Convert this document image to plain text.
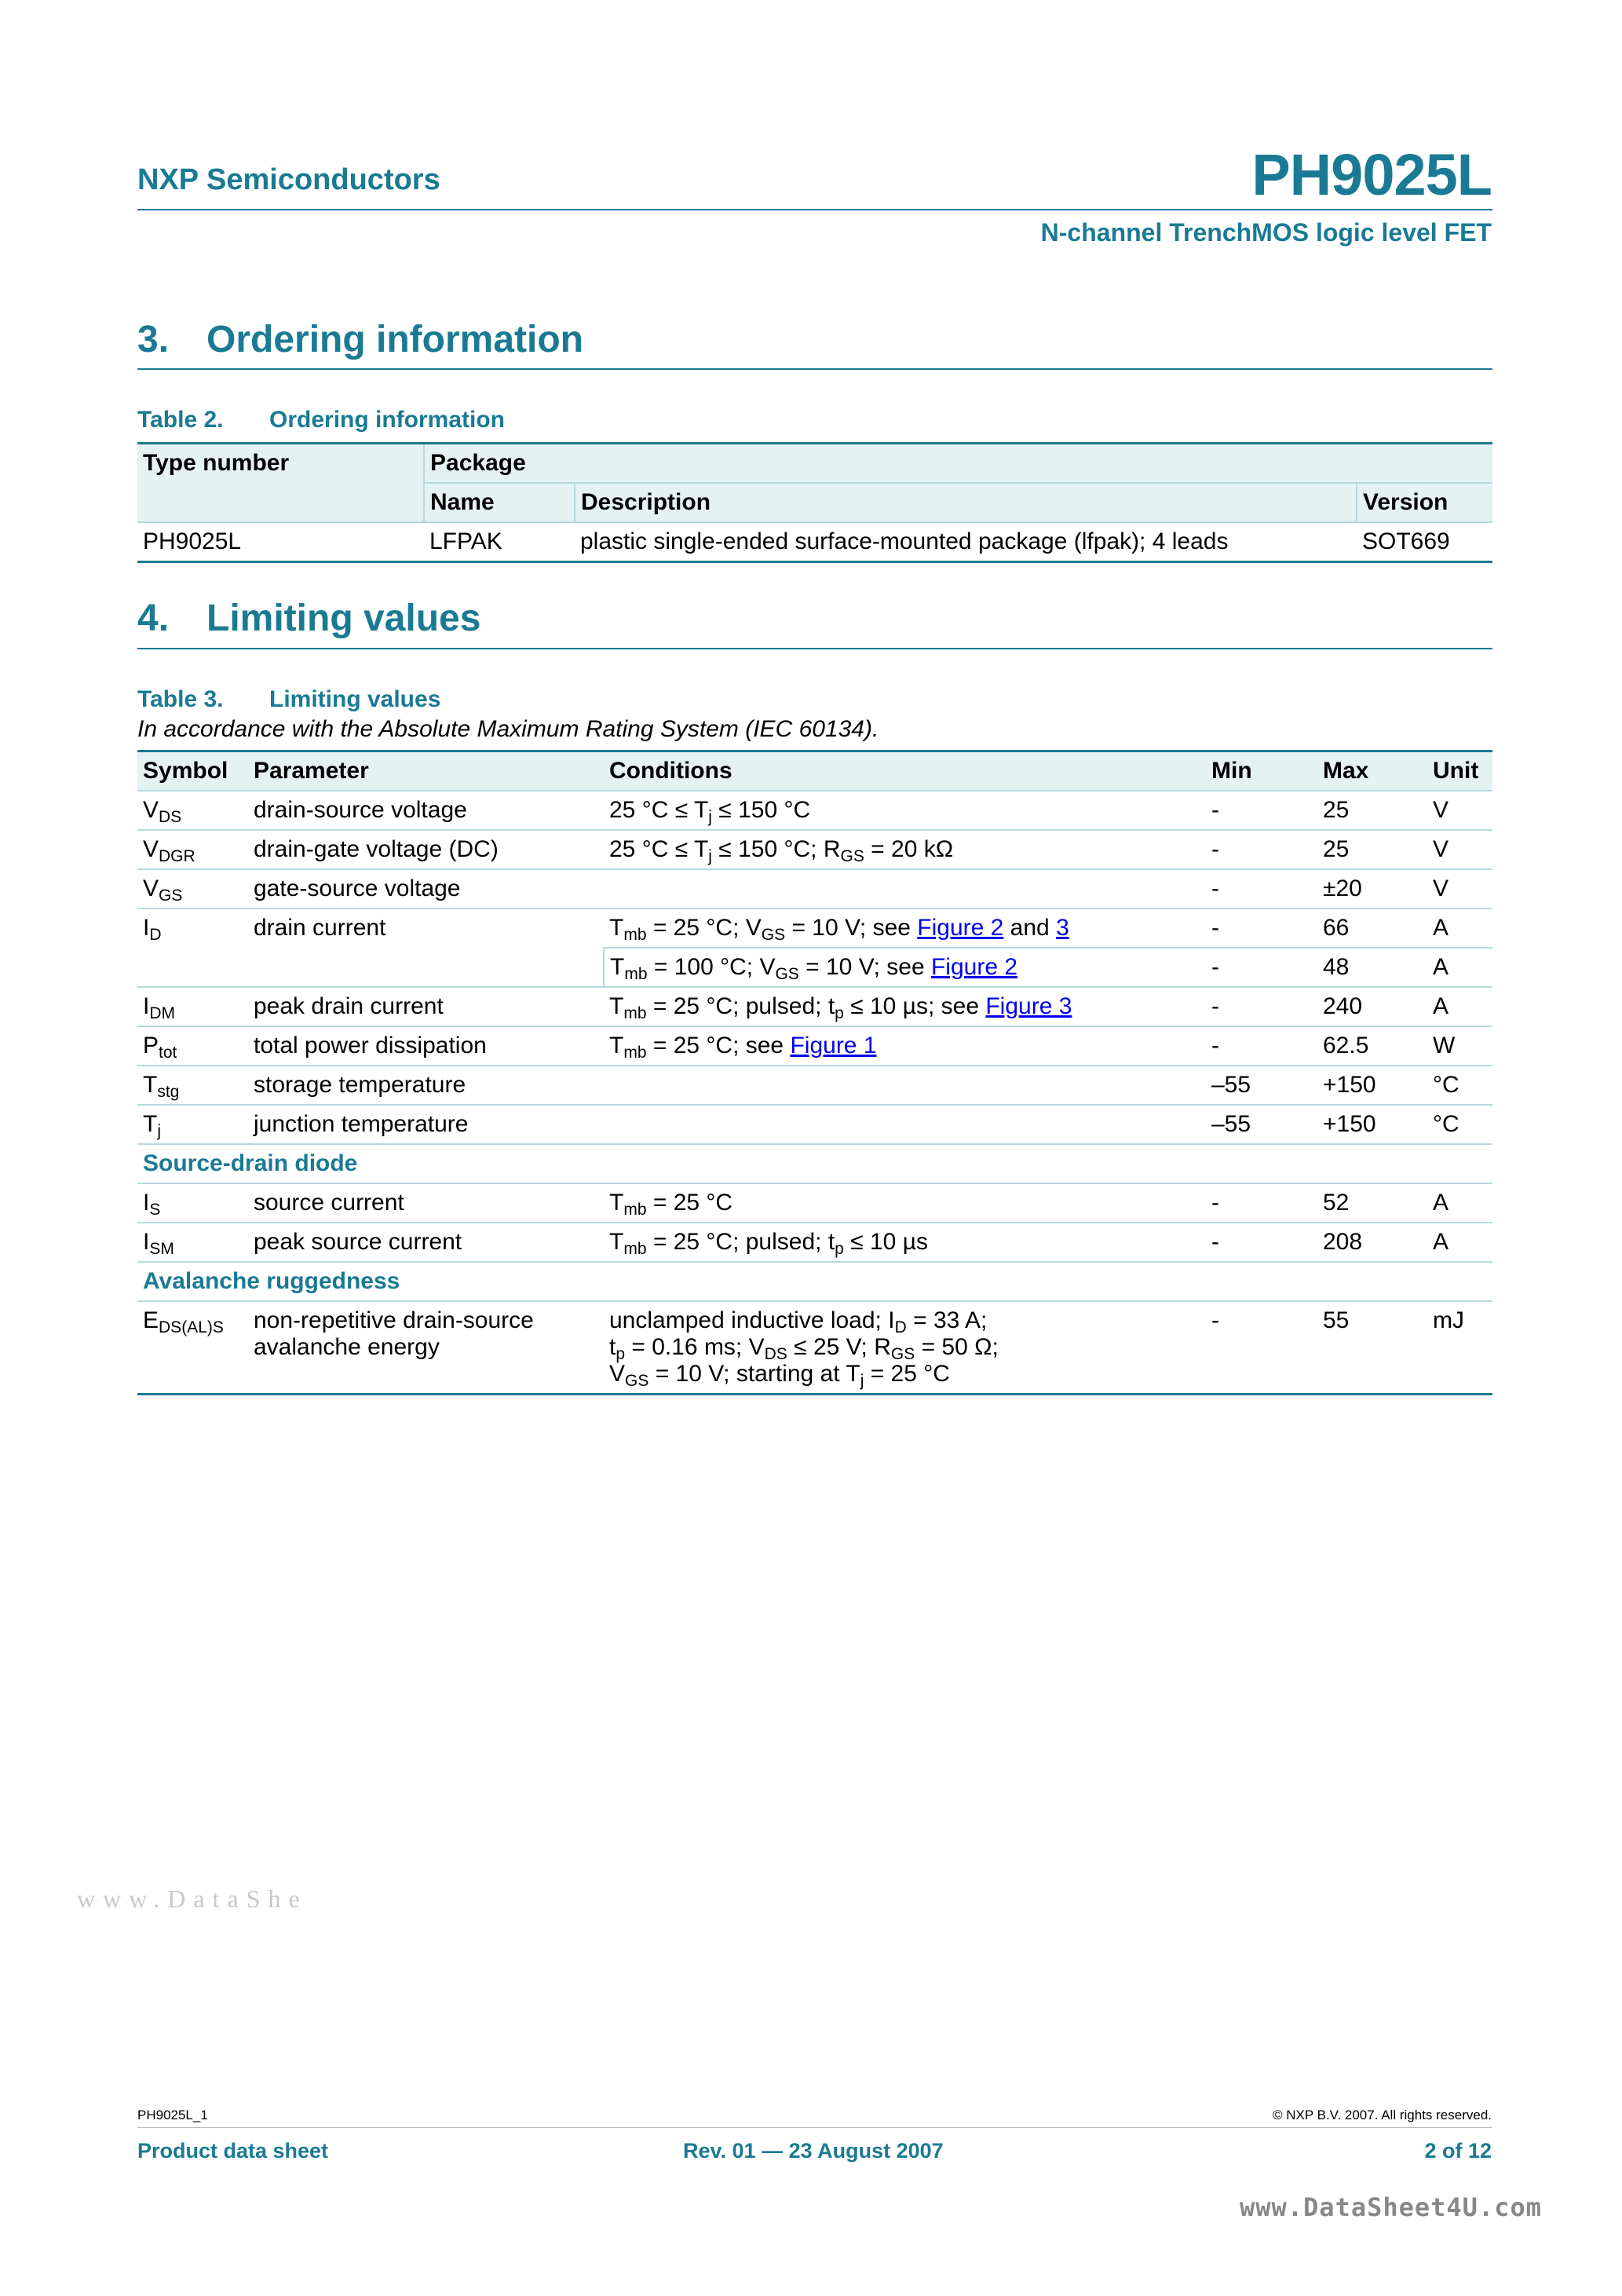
NXP Semiconductors	PH9025L
N-channel TrenchMOS logic level FET
3. Ordering information
Table 2. Ordering information
Type number	Package		
	Name	Description	Version
PH9025L	LFPAK	plastic single-ended surface-mounted package (lfpak); 4 leads	SOT669
4. Limiting values
Table 3. Limiting values
In accordance with the Absolute Maximum Rating System (IEC 60134).
Symbol	Parameter	Conditions	Min	Max	Unit
$V_{DS}$	drain-source voltage	25 $^\circ C \le T_j \le 150$ °C	-	25	V
$V_{DGR}$	drain-gate voltage (DC)	25 $^\circ C \le T_j \le 150$ °C; $R_{GS} = 20$ kΩ	-	25	V
$V_{GS}$	gate-source voltage		-	±20	V
$I_D$	drain current	$T_{mb} = 25$ °C; $V_{GS} = 10$ V; see Figure 2 and 3	-	66	A
		$T_{mb} = 100$ °C; $V_{GS} = 10$ V; see Figure 2	-	48	A
$I_{DM}$	peak drain current	$T_{mb} = 25$ °C; pulsed; $t_p \le 10$ µs; see Figure 3	-	240	A
$P_{tot}$	total power dissipation	$T_{mb} = 25$ °C; see Figure 1	-	62.5	W
$T_{stg}$	storage temperature		–55	+150	°C
$T_j$	junction temperature		–55	+150	°C
Source-drain diode					
$I_S$	source current	$T_{mb} = 25$ °C	-	52	A
$I_{SM}$	peak source current	$T_{mb} = 25$ °C; pulsed; $t_p \le 10$ µs	-	208	A
Avalanche ruggedness					
$E_{DS(AL)S}$	non-repetitive drain-source avalanche energy	unclamped inductive load; $I_D = 33$ A;
$t_p = 0.16$ ms; $V_{DS} \le 25$ V; $R_{GS} = 50$ Ω;
$V_{GS} = 10$ V; starting at $T_j = 25$ °C	-	55	mJ
www.DataShe
PH9025L_1	© NXP B.V. 2007. All rights reserved.
Product data sheet	Rev. 01 — 23 August 2007	2 of 12
www.DataSheet4U.com
